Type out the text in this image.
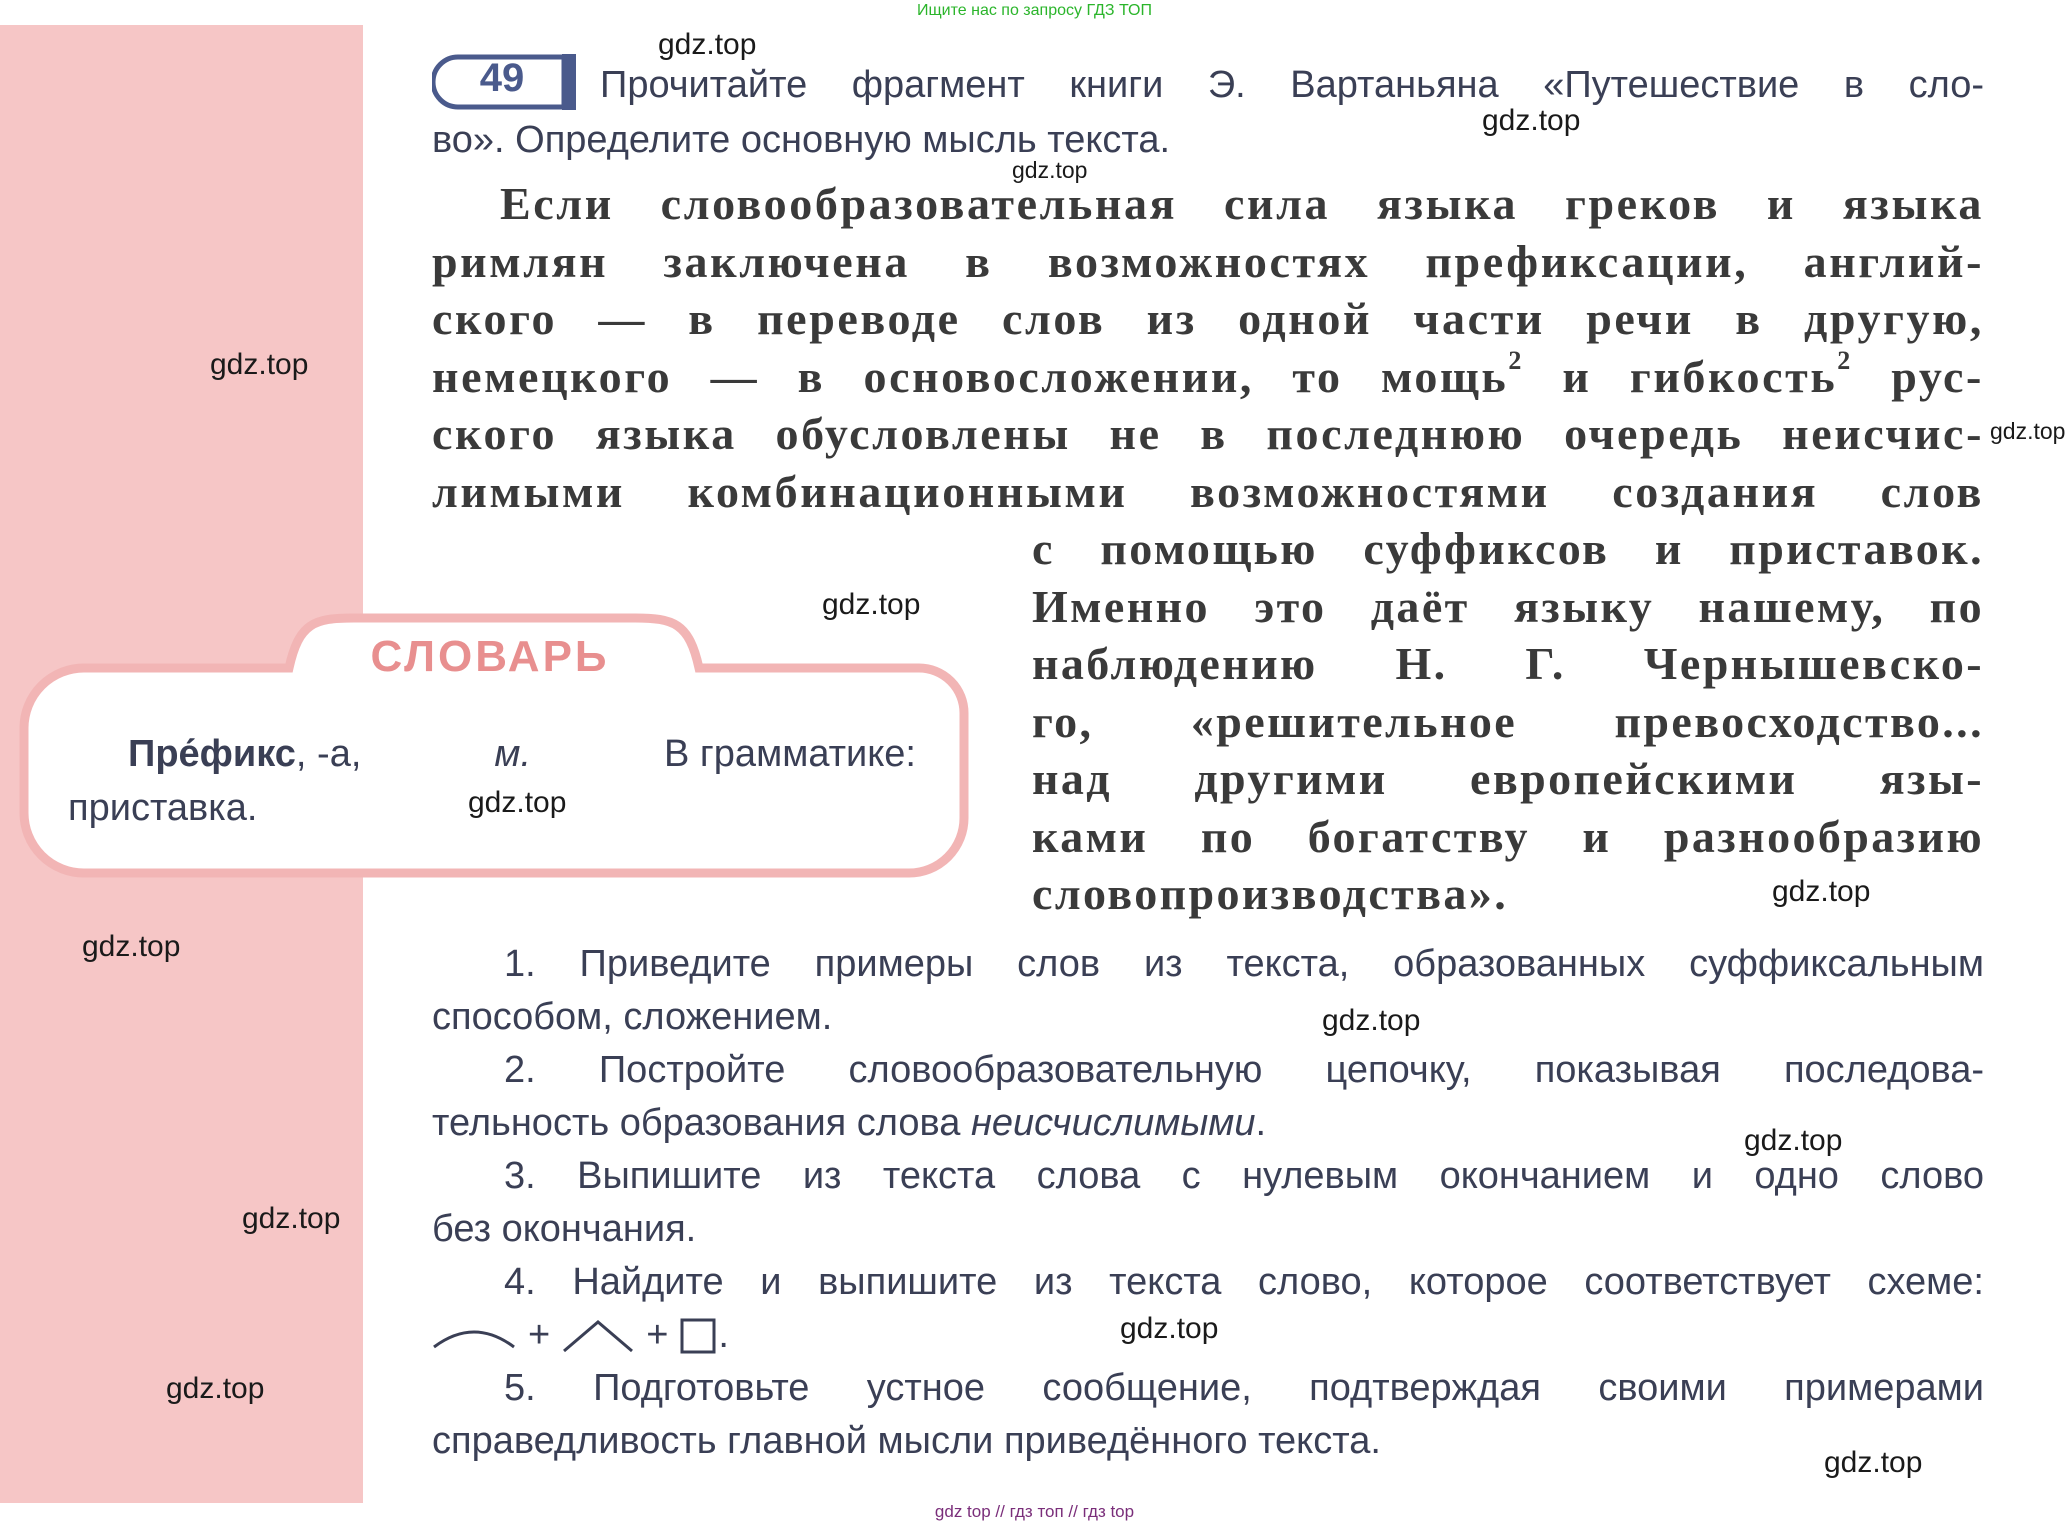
Ищите нас по запросу ГДЗ ТОП
49	Прочитайте фрагмент книги Э. Вартаньяна «Путешествие в сло-
во». Определите основную мысль текста.
Если словообразовательная сила языка греков и языка
римлян заключена в возможностях префиксации, англий-
ского — в переводе слов из одной части речи в другую,
немецкого — в основосложении, то мощь$^2$ и гибкость$^2$ рус-
ского языка обусловлены не в последнюю очередь неисчис-
лимыми комбинационными возможностями создания слов
с помощью суффиксов и приставок.
Именно это даёт языку нашему, по
наблюдению Н. Г. Чернышевско-
го, «решительное превосходство...
над другими европейскими язы-
ками по богатству и разнообразию
словопроизводства».
СЛОВАРЬ
Пре́фикс, -а,	м.	В грамматике:
приставка.
1. Приведите примеры слов из текста, образованных суффиксальным
способом, сложением.
2. Постройте словообразовательную цепочку, показывая последова-
тельность образования слова неисчислимыми.
3. Выпишите из текста слова с нулевым окончанием и одно слово
без окончания.
4. Найдите и выпишите из текста слово, которое соответствует схеме:
+	+ .
5. Подготовьте устное сообщение, подтверждая своими примерами
справедливость главной мысли приведённого текста.
gdz.top
gdz.top
gdz.top
gdz.top
gdz.top
gdz.top
gdz.top
gdz.top
gdz.top
gdz.top
gdz.top
gdz.top
gdz.top
gdz.top
gdz.top
gdz top // гдз топ // гдз top
